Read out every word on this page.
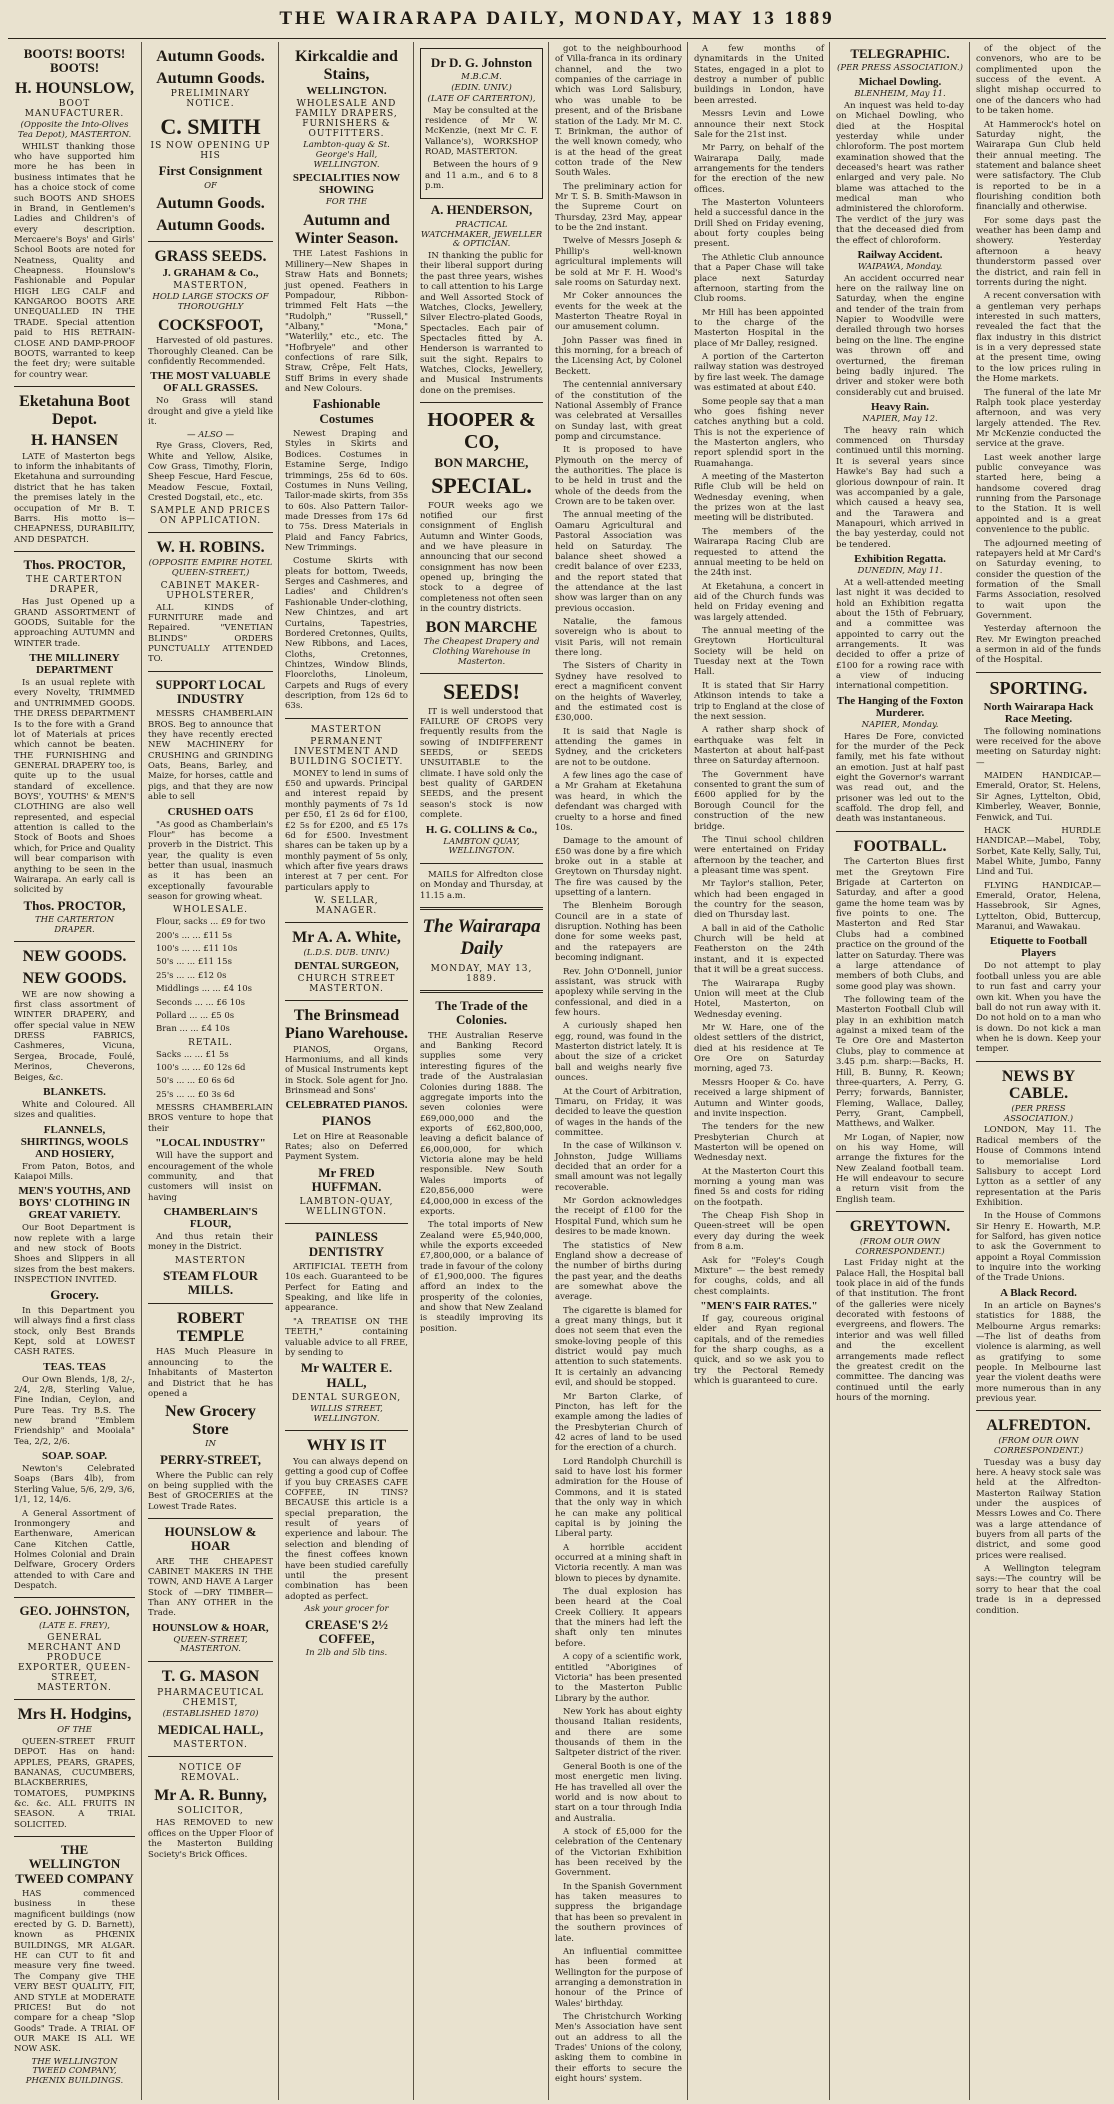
THE WAIRARAPA DAILY, MONDAY, MAY 13 1889
BOOTS! BOOTS! BOOTS!
H. HOUNSLOW,
BOOT MANUFACTURER.
(Opposite the Into-Olives Tea Depot), MASTERTON.
WHILST thanking those who have supported him more he has been in business intimates that he has a choice stock of come such BOOTS AND SHOES in Brand, in Gentlemen's Ladies and Children's of every description. Mercaere's Boys' and Girls' School Boots are noted for Neatness, Quality and Cheapness. Hounslow's Fashionable and Popular HIGH LEG CALF and KANGAROO BOOTS ARE UNEQUALLED IN THE TRADE. Special attention paid to HIS RETRAIN-CLOSE AND DAMP-PROOF BOOTS, warranted to keep the feet dry; were suitable for country wear.
Eketahuna Boot Depot.
H. HANSEN
LATE of Masterton begs to inform the inhabitants of Eketahuna and surrounding district that he has taken the premises lately in the occupation of Mr B. T. Barrs. His motto is—CHEAPNESS, DURABILITY, AND DESPATCH.
Thos. PROCTOR,
THE CARTERTON DRAPER,
Has Just Opened up a GRAND ASSORTMENT of GOODS, Suitable for the approaching AUTUMN and WINTER trade.
THE MILLINERY DEPARTMENT
Is an usual replete with every Novelty, TRIMMED and UNTRIMMED GOODS. THE DRESS DEPARTMENT Is to the fore with a Grand lot of Materials at prices which cannot be beaten. THE FURNISHING and GENERAL DRAPERY too, is quite up to the usual standard of excellence. BOYS', YOUTHS' & MEN'S CLOTHING are also well represented, and especial attention is called to the Stock of Boots and Shoes which, for Price and Quality will bear comparison with anything to be seen in the Wairarapa. An early call is solicited by
Thos. PROCTOR,
THE CARTERTON DRAPER.
NEW GOODS.
NEW GOODS.
WE are now showing a first class assortment of WINTER DRAPERY, and offer special value in NEW DRESS FABRICS, Cashmeres, Vicuna, Sergea, Brocade, Foulé, Merinos, Cheverons, Beiges, &c.
BLANKETS.
White and Coloured. All sizes and qualities.
FLANNELS, SHIRTINGS, WOOLS AND HOSIERY,
From Paton, Botos, and Kaiapoi Mills.
MEN'S YOUTHS, AND BOYS' CLOTHING IN GREAT VARIETY.
Our Boot Department is now replete with a large and new stock of Boots Shoes and Slippers in all sizes from the best makers. INSPECTION INVITED.
Grocery.
In this Department you will always find a first class stock, only Best Brands Kept, sold at LOWEST CASH RATES.
TEAS. TEAS
Our Own Blends, 1/8, 2/-, 2/4, 2/8, Sterling Value, Fine Indian, Ceylon, and Pure Teas. Try B.S. The new brand "Emblem Friendship" and Mooiala" Tea, 2/2, 2/6.
SOAP. SOAP.
Newton's Celebrated Soaps (Bars 4lb), from Sterling Value, 5/6, 2/9, 3/6, 1/1, 12, 14/6.
A General Assortment of Ironmongery and Earthenware, American Cane Kitchen Cattle, Holmes Colonial and Drain Delfware, Grocery Orders attended to with Care and Despatch.
GEO. JOHNSTON,
(LATE E. FREY),
GENERAL MERCHANT AND PRODUCE EXPORTER, QUEEN-STREET, MASTERTON.
Mrs H. Hodgins,
OF THE
QUEEN-STREET FRUIT DEPOT. Has on hand: APPLES, PEARS, GRAPES, BANANAS, CUCUMBERS, BLACKBERRIES, TOMATOES, PUMPKINS &c. &c. ALL FRUITS IN SEASON. A TRIAL SOLICITED.
THE WELLINGTON TWEED COMPANY
HAS commenced business in these magnificent buildings (now erected by G. D. Barnett), known as PHŒNIX BUILDINGS, MR ALGAR. HE can CUT to fit and measure very fine tweed. The Company give THE VERY BEST QUALITY, FIT, AND STYLE at MODERATE PRICES! But do not compare for a cheap "Slop Goods" Trade. A TRIAL OF OUR MAKE IS ALL WE NOW ASK.
THE WELLINGTON TWEED COMPANY, PHŒNIX BUILDINGS.
Autumn Goods.
Autumn Goods.
PRELIMINARY NOTICE.
C. SMITH
IS NOW OPENING UP HIS
First Consignment
OF
Autumn Goods.
Autumn Goods.
GRASS SEEDS.
J. GRAHAM & Co.,
MASTERTON,
HOLD LARGE STOCKS OF THOROUGHLY
COCKSFOOT,
Harvested of old pastures. Thoroughly Cleaned. Can be confidently Recommended.
THE MOST VALUABLE OF ALL GRASSES.
No Grass will stand drought and give a yield like it.
— ALSO —
Rye Grass, Clovers, Red, White and Yellow, Alsike, Cow Grass, Timothy, Florin, Sheep Fescue, Hard Fescue, Meadow Fescue, Foxtail, Crested Dogstail, etc., etc.
SAMPLE AND PRICES ON APPLICATION.
W. H. ROBINS.
(OPPOSITE EMPIRE HOTEL QUEEN-STREET,)
CABINET MAKER-UPHOLSTERER,
ALL KINDS of FURNITURE made and Repaired. "VENETIAN BLINDS" ORDERS PUNCTUALLY ATTENDED TO.
SUPPORT LOCAL INDUSTRY
MESSRS CHAMBERLAIN BROS. Beg to announce that they have recently erected NEW MACHINERY for CRUSHING and GRINDING Oats, Beans, Barley, and Maize, for horses, cattle and pigs, and that they are now able to sell
CRUSHED OATS
"As good as Chamberlain's Flour" has become a proverb in the District. This year, the quality is even better than usual, inasmuch as it has been an exceptionally favourable season for growing wheat.
WHOLESALE.
Flour, sacks ... £9 for two
200's ... ... £11 5s
100's ... ... £11 10s
50's ... ... £11 15s
25's ... ... £12 0s
Middlings ... ... £4 10s
Seconds ... ... £6 10s
Pollard ... ... £5 0s
Bran ... ... £4 10s
RETAIL.
Sacks ... ... £1 5s
100's ... ... £0 12s 6d
50's ... ... £0 6s 6d
25's ... ... £0 3s 6d
MESSRS CHAMBERLAIN BROS venture to hope that their
"LOCAL INDUSTRY"
Will have the support and encouragement of the whole community, and that customers will insist on having
CHAMBERLAIN'S FLOUR,
And thus retain their money in the District.
MASTERTON
STEAM FLOUR MILLS.
ROBERT TEMPLE
HAS Much Pleasure in announcing to the Inhabitants of Masterton and District that he has opened a
New Grocery Store
IN
PERRY-STREET,
Where the Public can rely on being supplied with the Best of GROCERIES at the Lowest Trade Rates.
HOUNSLOW & HOAR
ARE THE CHEAPEST CABINET MAKERS IN THE TOWN, AND HAVE A Larger Stock of —DRY TIMBER— Than ANY OTHER in the Trade.
HOUNSLOW & HOAR,
QUEEN-STREET, MASTERTON.
T. G. MASON
PHARMACEUTICAL CHEMIST,
(ESTABLISHED 1870)
MEDICAL HALL,
MASTERTON.
NOTICE OF REMOVAL.
Mr A. R. Bunny,
SOLICITOR,
HAS REMOVED to new offices on the Upper Floor of the Masterton Building Society's Brick Offices.
Kirkcaldie and Stains,
WELLINGTON.
WHOLESALE AND FAMILY DRAPERS, FURNISHERS & OUTFITTERS.
Lambton-quay & St. George's Hall, WELLINGTON.
SPECIALITIES NOW SHOWING
FOR THE
Autumn and Winter Season.
THE Latest Fashions in Millinery—New Shapes in Straw Hats and Bonnets; just opened. Feathers in Pompadour, Ribbon-trimmed Felt Hats —the "Rudolph," "Russell," "Albany," "Mona," "Waterlily," etc., etc. The "Hofbryele" and other confections of rare Silk, Straw, Crêpe, Felt Hats, Stiff Brims in every shade and New Colours.
Fashionable Costumes
Newest Draping and Styles in Skirts and Bodices. Costumes in Estamine Serge, Indigo trimmings, 25s 6d to 60s. Costumes in Nuns Veiling, Tailor-made skirts, from 35s to 60s. Also Pattern Tailor-made Dresses from 17s 6d to 75s. Dress Materials in Plaid and Fancy Fabrics, New Trimmings.
Costume Skirts with pleats for bottom, Tweeds, Serges and Cashmeres, and Ladies' and Children's Fashionable Under-clothing, New Chintzes, and art Curtains, Tapestries, Bordered Cretonnes, Quilts, New Ribbons, and Laces, Cloths, Cretonnes, Chintzes, Window Blinds, Floorcloths, Linoleum, Carpets and Rugs of every description, from 12s 6d to 63s.
MASTERTON
PERMANENT INVESTMENT AND BUILDING SOCIETY.
MONEY to lend in sums of £50 and upwards. Principal and interest repaid by monthly payments of 7s 1d per £50, £1 2s 6d for £100, £2 5s for £200, and £5 17s 6d for £500. Investment shares can be taken up by a monthly payment of 5s only, which after five years draws interest at 7 per cent. For particulars apply to
W. SELLAR, MANAGER.
Mr A. A. White,
(L.D.S. DUB. UNIV.)
DENTAL SURGEON,
CHURCH STREET MASTERTON.
The Brinsmead Piano Warehouse.
PIANOS, Organs, Harmoniums, and all kinds of Musical Instruments kept in Stock. Sole agent for Jno. Brinsmead and Sons'
CELEBRATED PIANOS.
PIANOS
Let on Hire at Reasonable Rates; also on Deferred Payment System.
Mr FRED HUFFMAN.
LAMBTON-QUAY, WELLINGTON.
PAINLESS DENTISTRY
ARTIFICIAL TEETH from 10s each. Guaranteed to be Perfect for Eating and Speaking, and like life in appearance.
"A TREATISE ON THE TEETH," containing valuable advice to all FREE, by sending to
Mr WALTER E. HALL,
DENTAL SURGEON,
WILLIS STREET, WELLINGTON.
WHY IS IT
You can always depend on getting a good cup of Coffee if you buy CREASES CAFE COFFEE, IN TINS? BECAUSE this article is a special preparation, the result of years of experience and labour. The selection and blending of the finest coffees known have been studied carefully until the present combination has been adopted as perfect.
Ask your grocer for
CREASE'S 2½ COFFEE,
In 2lb and 5lb tins.
Dr D. G. Johnston
M.B.C.M.
(EDIN. UNIV.)
(LATE OF CARTERTON),
May be consulted at the residence of Mr W. McKenzie, (next Mr C. F. Vallance's), WORKSHOP ROAD, MASTERTON.
Between the hours of 9 and 11 a.m., and 6 to 8 p.m.
A. HENDERSON,
PRACTICAL WATCHMAKER, JEWELLER & OPTICIAN.
IN thanking the public for their liberal support during the past three years, wishes to call attention to his Large and Well Assorted Stock of Watches, Clocks, Jewellery, Silver Electro-plated Goods, Spectacles. Each pair of Spectacles fitted by A. Henderson is warranted to suit the sight. Repairs to Watches, Clocks, Jewellery, and Musical Instruments done on the premises.
HOOPER & CO,
BON MARCHE,
SPECIAL.
FOUR weeks ago we notified our first consignment of English Autumn and Winter Goods, and we have pleasure in announcing that our second consignment has now been opened up, bringing the stock to a degree of completeness not often seen in the country districts.
BON MARCHE
The Cheapest Drapery and Clothing Warehouse in Masterton.
SEEDS!
IT is well understood that FAILURE OF CROPS very frequently results from the sowing of INDIFFERENT SEEDS, or SEEDS UNSUITABLE to the climate. I have sold only the best quality of GARDEN SEEDS, and the present season's stock is now complete.
H. G. COLLINS & Co.,
LAMBTON QUAY, WELLINGTON.
MAILS for Alfredton close on Monday and Thursday, at 11.15 a.m.
The Wairarapa Daily
MONDAY, MAY 13, 1889.
The Trade of the Colonies.
THE Australian Reserve and Banking Record supplies some very interesting figures of the trade of the Australasian Colonies during 1888. The aggregate imports into the seven colonies were £69,000,000 and the exports of £62,800,000, leaving a deficit balance of £6,000,000, for which Victoria alone may be held responsible. New South Wales imports of £20,856,000 were £4,000,000 in excess of the exports.
The total imports of New Zealand were £5,940,000, while the exports exceeded £7,800,000, or a balance of trade in favour of the colony of £1,900,000. The figures afford an index to the prosperity of the colonies, and show that New Zealand is steadily improving its position.
got to the neighbourhood of Villa-franca in its ordinary channel, and the two companies of the carriage in which was Lord Salisbury, who was unable to be present, and of the Brisbane station of the Lady. Mr M. C. T. Brinkman, the author of the well known comedy, who is at the head of the great cotton trade of the New South Wales.
The preliminary action for Mr T. S. B. Smith-Mawson in the Supreme Court on Thursday, 23rd May, appear to be the 2nd instant.
Twelve of Messrs Joseph & Phillip's well-known agricultural implements will be sold at Mr F. H. Wood's sale rooms on Saturday next.
Mr Coker announces the events for the week at the Masterton Theatre Royal in our amusement column.
John Passer was fined in this morning, for a breach of the Licensing Act, by Colonel Beckett.
The centennial anniversary of the constitution of the National Assembly of France was celebrated at Versailles on Sunday last, with great pomp and circumstance.
It is proposed to have Plymouth on the mercy of the authorities. The place is to be held in trust and the whole of the deeds from the Crown are to be taken over.
The annual meeting of the Oamaru Agricultural and Pastoral Association was held on Saturday. The balance sheet showed a credit balance of over £233, and the report stated that the attendance at the last show was larger than on any previous occasion.
Natalie, the famous sovereign who is about to visit Paris, will not remain there long.
The Sisters of Charity in Sydney have resolved to erect a magnificent convent on the heights of Waverley, and the estimated cost is £30,000.
It is said that Nagle is attending the games in Sydney, and the cricketers are not to be outdone.
A few lines ago the case of a Mr Graham at Eketahuna was heard, in which the defendant was charged with cruelty to a horse and fined 10s.
Damage to the amount of £50 was done by a fire which broke out in a stable at Greytown on Thursday night. The fire was caused by the upsetting of a lantern.
The Blenheim Borough Council are in a state of disruption. Nothing has been done for some weeks past, and the ratepayers are becoming indignant.
Rev. John O'Donnell, junior assistant, was struck with apoplexy while serving in the confessional, and died in a few hours.
A curiously shaped hen egg, round, was found in the Masterton district lately. It is about the size of a cricket ball and weighs nearly five ounces.
At the Court of Arbitration, Timaru, on Friday, it was decided to leave the question of wages in the hands of the committee.
In the case of Wilkinson v. Johnston, Judge Williams decided that an order for a small amount was not legally recoverable.
Mr Gordon acknowledges the receipt of £100 for the Hospital Fund, which sum he desires to be made known.
The statistics of New England show a decrease of the number of births during the past year, and the deaths are somewhat above the average.
The cigarette is blamed for a great many things, but it does not seem that even the smoke-loving people of this district would pay much attention to such statements. It is certainly an advancing evil, and should be stopped.
Mr Barton Clarke, of Pincton, has left for the example among the ladies of the Presbyterian Church of 42 acres of land to be used for the erection of a church.
Lord Randolph Churchill is said to have lost his former admiration for the House of Commons, and it is stated that the only way in which he can make any political capital is by joining the Liberal party.
A horrible accident occurred at a mining shaft in Victoria recently. A man was blown to pieces by dynamite.
The dual explosion has been heard at the Coal Creek Colliery. It appears that the miners had left the shaft only ten minutes before.
A copy of a scientific work, entitled "Aborigines of Victoria" has been presented to the Masterton Public Library by the author.
New York has about eighty thousand Italian residents, and there are some thousands of them in the Saltpeter district of the river.
General Booth is one of the most energetic men living. He has travelled all over the world and is now about to start on a tour through India and Australia.
A stock of £5,000 for the celebration of the Centenary of the Victorian Exhibition has been received by the Government.
In the Spanish Government has taken measures to suppress the brigandage that has been so prevalent in the southern provinces of late.
An influential committee has been formed at Wellington for the purpose of arranging a demonstration in honour of the Prince of Wales' birthday.
The Christchurch Working Men's Association have sent out an address to all the Trades' Unions of the colony, asking them to combine in their efforts to secure the eight hours' system.
A few months of dynamitards in the United States, engaged in a plot to destroy a number of public buildings in London, have been arrested.
Messrs Levin and Lowe announce their next Stock Sale for the 21st inst.
Mr Parry, on behalf of the Wairarapa Daily, made arrangements for the tenders for the erection of the new offices.
The Masterton Volunteers held a successful dance in the Drill Shed on Friday evening, about forty couples being present.
The Athletic Club announce that a Paper Chase will take place next Saturday afternoon, starting from the Club rooms.
Mr Hill has been appointed to the charge of the Masterton Hospital in the place of Mr Dalley, resigned.
A portion of the Carterton railway station was destroyed by fire last week. The damage was estimated at about £40.
Some people say that a man who goes fishing never catches anything but a cold. This is not the experience of the Masterton anglers, who report splendid sport in the Ruamahanga.
A meeting of the Masterton Rifle Club will be held on Wednesday evening, when the prizes won at the last meeting will be distributed.
The members of the Wairarapa Racing Club are requested to attend the annual meeting to be held on the 24th inst.
At Eketahuna, a concert in aid of the Church funds was held on Friday evening and was largely attended.
The annual meeting of the Greytown Horticultural Society will be held on Tuesday next at the Town Hall.
It is stated that Sir Harry Atkinson intends to take a trip to England at the close of the next session.
A rather sharp shock of earthquake was felt in Masterton at about half-past three on Saturday afternoon.
The Government have consented to grant the sum of £600 applied for by the Borough Council for the construction of the new bridge.
The Tinui school children were entertained on Friday afternoon by the teacher, and a pleasant time was spent.
Mr Taylor's stallion, Peter, which had been engaged in the country for the season, died on Thursday last.
A ball in aid of the Catholic Church will be held at Featherston on the 24th instant, and it is expected that it will be a great success.
The Wairarapa Rugby Union will meet at the Club Hotel, Masterton, on Wednesday evening.
Mr W. Hare, one of the oldest settlers of the district, died at his residence at Te Ore Ore on Saturday morning, aged 73.
Messrs Hooper & Co. have received a large shipment of Autumn and Winter goods, and invite inspection.
The tenders for the new Presbyterian Church at Masterton will be opened on Wednesday next.
At the Masterton Court this morning a young man was fined 5s and costs for riding on the footpath.
The Cheap Fish Shop in Queen-street will be open every day during the week from 8 a.m.
Ask for "Foley's Cough Mixture" — the best remedy for coughs, colds, and all chest complaints.
"MEN'S FAIR RATES."
If gay, coureous original elder and Ryan regional capitals, and of the remedies for the sharp coughs, as a quick, and so we ask you to try the Pectoral Remedy which is guaranteed to cure.
TELEGRAPHIC.
(PER PRESS ASSOCIATION.)
Michael Dowling.
BLENHEIM, May 11.
An inquest was held to-day on Michael Dowling, who died at the Hospital yesterday while under chloroform. The post mortem examination showed that the deceased's heart was rather enlarged and very pale. No blame was attached to the medical man who administered the chloroform. The verdict of the jury was that the deceased died from the effect of chloroform.
Railway Accident.
WAIPAWA, Monday.
An accident occurred near here on the railway line on Saturday, when the engine and tender of the train from Napier to Woodville were derailed through two horses being on the line. The engine was thrown off and overturned, the fireman being badly injured. The driver and stoker were both considerably cut and bruised.
Heavy Rain.
NAPIER, May 12.
The heavy rain which commenced on Thursday continued until this morning. It is several years since Hawke's Bay had such a glorious downpour of rain. It was accompanied by a gale, which caused a heavy sea, and the Tarawera and Manapouri, which arrived in the bay yesterday, could not be tendered.
Exhibition Regatta.
DUNEDIN, May 11.
At a well-attended meeting last night it was decided to hold an Exhibition regatta about the 15th of February, and a committee was appointed to carry out the arrangements. It was decided to offer a prize of £100 for a rowing race with a view of inducing international competition.
The Hanging of the Foxton Murderer.
NAPIER, Monday.
Hares De Fore, convicted for the murder of the Peck family, met his fate without an emotion. Just at half past eight the Governor's warrant was read out, and the prisoner was led out to the scaffold. The drop fell, and death was instantaneous.
FOOTBALL.
The Carterton Blues first met the Greytown Fire Brigade at Carterton on Saturday, and after a good game the home team was by five points to one. The Masterton and Red Star Clubs had a combined practice on the ground of the latter on Saturday. There was a large attendance of members of both Clubs, and some good play was shown.
The following team of the Masterton Football Club will play in an exhibition match against a mixed team of the Te Ore Ore and Masterton Clubs, play to commence at 3.45 p.m. sharp:—Backs, H. Hill, B. Bunny, R. Keown; three-quarters, A. Perry, G. Perry; forwards, Bannister, Fleming, Wallace, Dalley, Perry, Grant, Campbell, Matthews, and Walker.
Mr Logan, of Napier, now on his way Home, will arrange the fixtures for the New Zealand football team. He will endeavour to secure a return visit from the English team.
GREYTOWN.
(FROM OUR OWN CORRESPONDENT.)
Last Friday night at the Palace Hall, the Hospital ball took place in aid of the funds of that institution. The front of the galleries were nicely decorated with festoons of evergreens, and flowers. The interior and was well filled and the excellent arrangements made reflect the greatest credit on the committee. The dancing was continued until the early hours of the morning.
of the object of the convenors, who are to be complimented upon the success of the event. A slight mishap occurred to one of the dancers who had to be taken home.
At Hammerock's hotel on Saturday night, the Wairarapa Gun Club held their annual meeting. The statement and balance sheet were satisfactory. The Club is reported to be in a flourishing condition both financially and otherwise.
For some days past the weather has been damp and showery. Yesterday afternoon a heavy thunderstorm passed over the district, and rain fell in torrents during the night.
A recent conversation with a gentleman very perhaps interested in such matters, revealed the fact that the flax industry in this district is in a very depressed state at the present time, owing to the low prices ruling in the Home markets.
The funeral of the late Mr Ralph took place yesterday afternoon, and was very largely attended. The Rev. Mr McKenzie conducted the service at the grave.
Last week another large public conveyance was started here, being a handsome covered drag running from the Parsonage to the Station. It is well appointed and is a great convenience to the public.
The adjourned meeting of ratepayers held at Mr Card's on Saturday evening, to consider the question of the formation of the Small Farms Association, resolved to wait upon the Government.
Yesterday afternoon the Rev. Mr Ewington preached a sermon in aid of the funds of the Hospital.
SPORTING.
North Wairarapa Hack Race Meeting.
The following nominations were received for the above meeting on Saturday night:—
MAIDEN HANDICAP.—Emerald, Orator, St. Helens, Sir Agnes, Lyttelton, Obid, Kimberley, Weaver, Bonnie, Fenwick, and Tui.
HACK HURDLE HANDICAP.—Mabel, Toby, Sorbet, Kate Kelly, Sally, Tui, Mabel White, Jumbo, Fanny Lind and Tui.
FLYING HANDICAP.—Emerald, Orator, Helena, Hassebrook, Sir Agnes, Lyttelton, Obid, Buttercup, Maranui, and Wawakau.
Etiquette to Football Players
Do not attempt to play football unless you are able to run fast and carry your own kit. When you have the ball do not run away with it. Do not hold on to a man who is down. Do not kick a man when he is down. Keep your temper.
NEWS BY CABLE.
(PER PRESS ASSOCIATION.)
LONDON, May 11. The Radical members of the House of Commons intend to memorialise Lord Salisbury to accept Lord Lytton as a settler of any representation at the Paris Exhibition.
In the House of Commons Sir Henry E. Howarth, M.P. for Salford, has given notice to ask the Government to appoint a Royal Commission to inquire into the working of the Trade Unions.
A Black Record.
In an article on Baynes's statistics for 1888, the Melbourne Argus remarks:—The list of deaths from violence is alarming, as well as gratifying to some people. In Melbourne last year the violent deaths were more numerous than in any previous year.
ALFREDTON.
(FROM OUR OWN CORRESPONDENT.)
Tuesday was a busy day here. A heavy stock sale was held at the Alfredton-Masterton Railway Station under the auspices of Messrs Lowes and Co. There was a large attendance of buyers from all parts of the district, and some good prices were realised.
A Wellington telegram says:—The country will be sorry to hear that the coal trade is in a depressed condition.
